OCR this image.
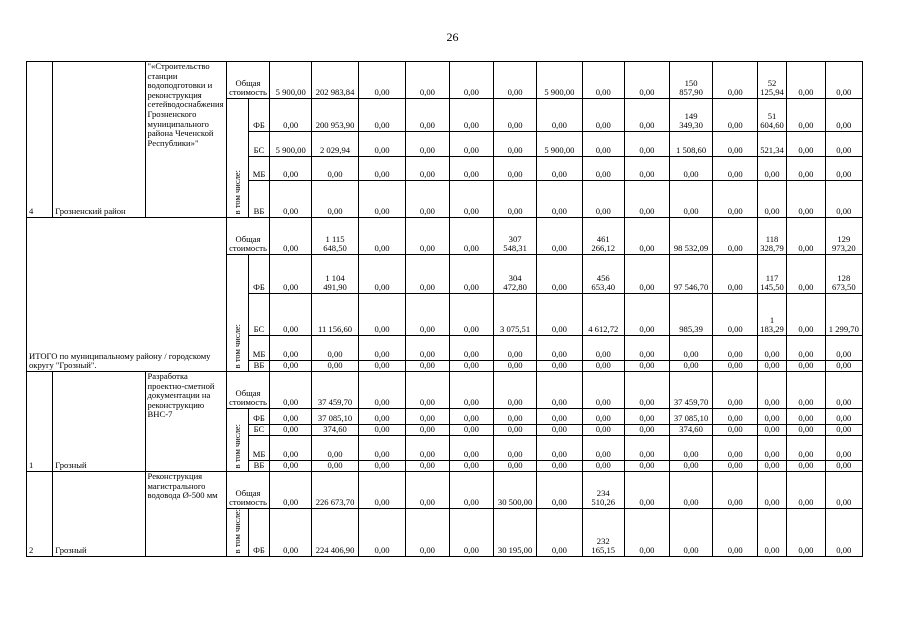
26
4	Грозненский район	"«Строительство станции водоподготовки и реконструкция сетейводоснабжения Грозненского муниципального района Чеченской Республики»"	Общая стоимость		5 900,00	202 983,84	0,00	0,00	0,00	0,00	5 900,00	0,00	0,00	150 857,90	0,00	52 125,94	0,00	0,00
			в том числе:	ФБ	0,00	200 953,90	0,00	0,00	0,00	0,00	0,00	0,00	0,00	149 349,30	0,00	51 604,60	0,00	0,00
				БС	5 900,00	2 029,94	0,00	0,00	0,00	0,00	5 900,00	0,00	0,00	1 508,60	0,00	521,34	0,00	0,00
				МБ	0,00	0,00	0,00	0,00	0,00	0,00	0,00	0,00	0,00	0,00	0,00	0,00	0,00	0,00
				ВБ	0,00	0,00	0,00	0,00	0,00	0,00	0,00	0,00	0,00	0,00	0,00	0,00	0,00	0,00
ИТОГО по муниципальному району / городскому округу "Грозный".			Общая стоимость		0,00	1 115 648,50	0,00	0,00	0,00	307 548,31	0,00	461 266,12	0,00	98 532,09	0,00	118 328,79	0,00	129 973,20
			в том числе:	ФБ	0,00	1 104 491,90	0,00	0,00	0,00	304 472,80	0,00	456 653,40	0,00	97 546,70	0,00	117 145,50	0,00	128 673,50
				БС	0,00	11 156,60	0,00	0,00	0,00	3 075,51	0,00	4 612,72	0,00	985,39	0,00	1 183,29	0,00	1 299,70
				МБ	0,00	0,00	0,00	0,00	0,00	0,00	0,00	0,00	0,00	0,00	0,00	0,00	0,00	0,00
				ВБ	0,00	0,00	0,00	0,00	0,00	0,00	0,00	0,00	0,00	0,00	0,00	0,00	0,00	0,00
1	Грозный	Разработка проектно-сметной документации на реконструкцию ВНС-7	Общая стоимость		0,00	37 459,70	0,00	0,00	0,00	0,00	0,00	0,00	0,00	37 459,70	0,00	0,00	0,00	0,00
			в том числе:	ФБ	0,00	37 085,10	0,00	0,00	0,00	0,00	0,00	0,00	0,00	37 085,10	0,00	0,00	0,00	0,00
				БС	0,00	374,60	0,00	0,00	0,00	0,00	0,00	0,00	0,00	374,60	0,00	0,00	0,00	0,00
				МБ	0,00	0,00	0,00	0,00	0,00	0,00	0,00	0,00	0,00	0,00	0,00	0,00	0,00	0,00
				ВБ	0,00	0,00	0,00	0,00	0,00	0,00	0,00	0,00	0,00	0,00	0,00	0,00	0,00	0,00
2	Грозный	Реконструкция магистрального водовода Ø-500 мм	Общая стоимость		0,00	226 673,70	0,00	0,00	0,00	30 500,00	0,00	234 510,26	0,00	0,00	0,00	0,00	0,00	0,00
			в том числе:	ФБ	0,00	224 406,90	0,00	0,00	0,00	30 195,00	0,00	232 165,15	0,00	0,00	0,00	0,00	0,00	0,00
